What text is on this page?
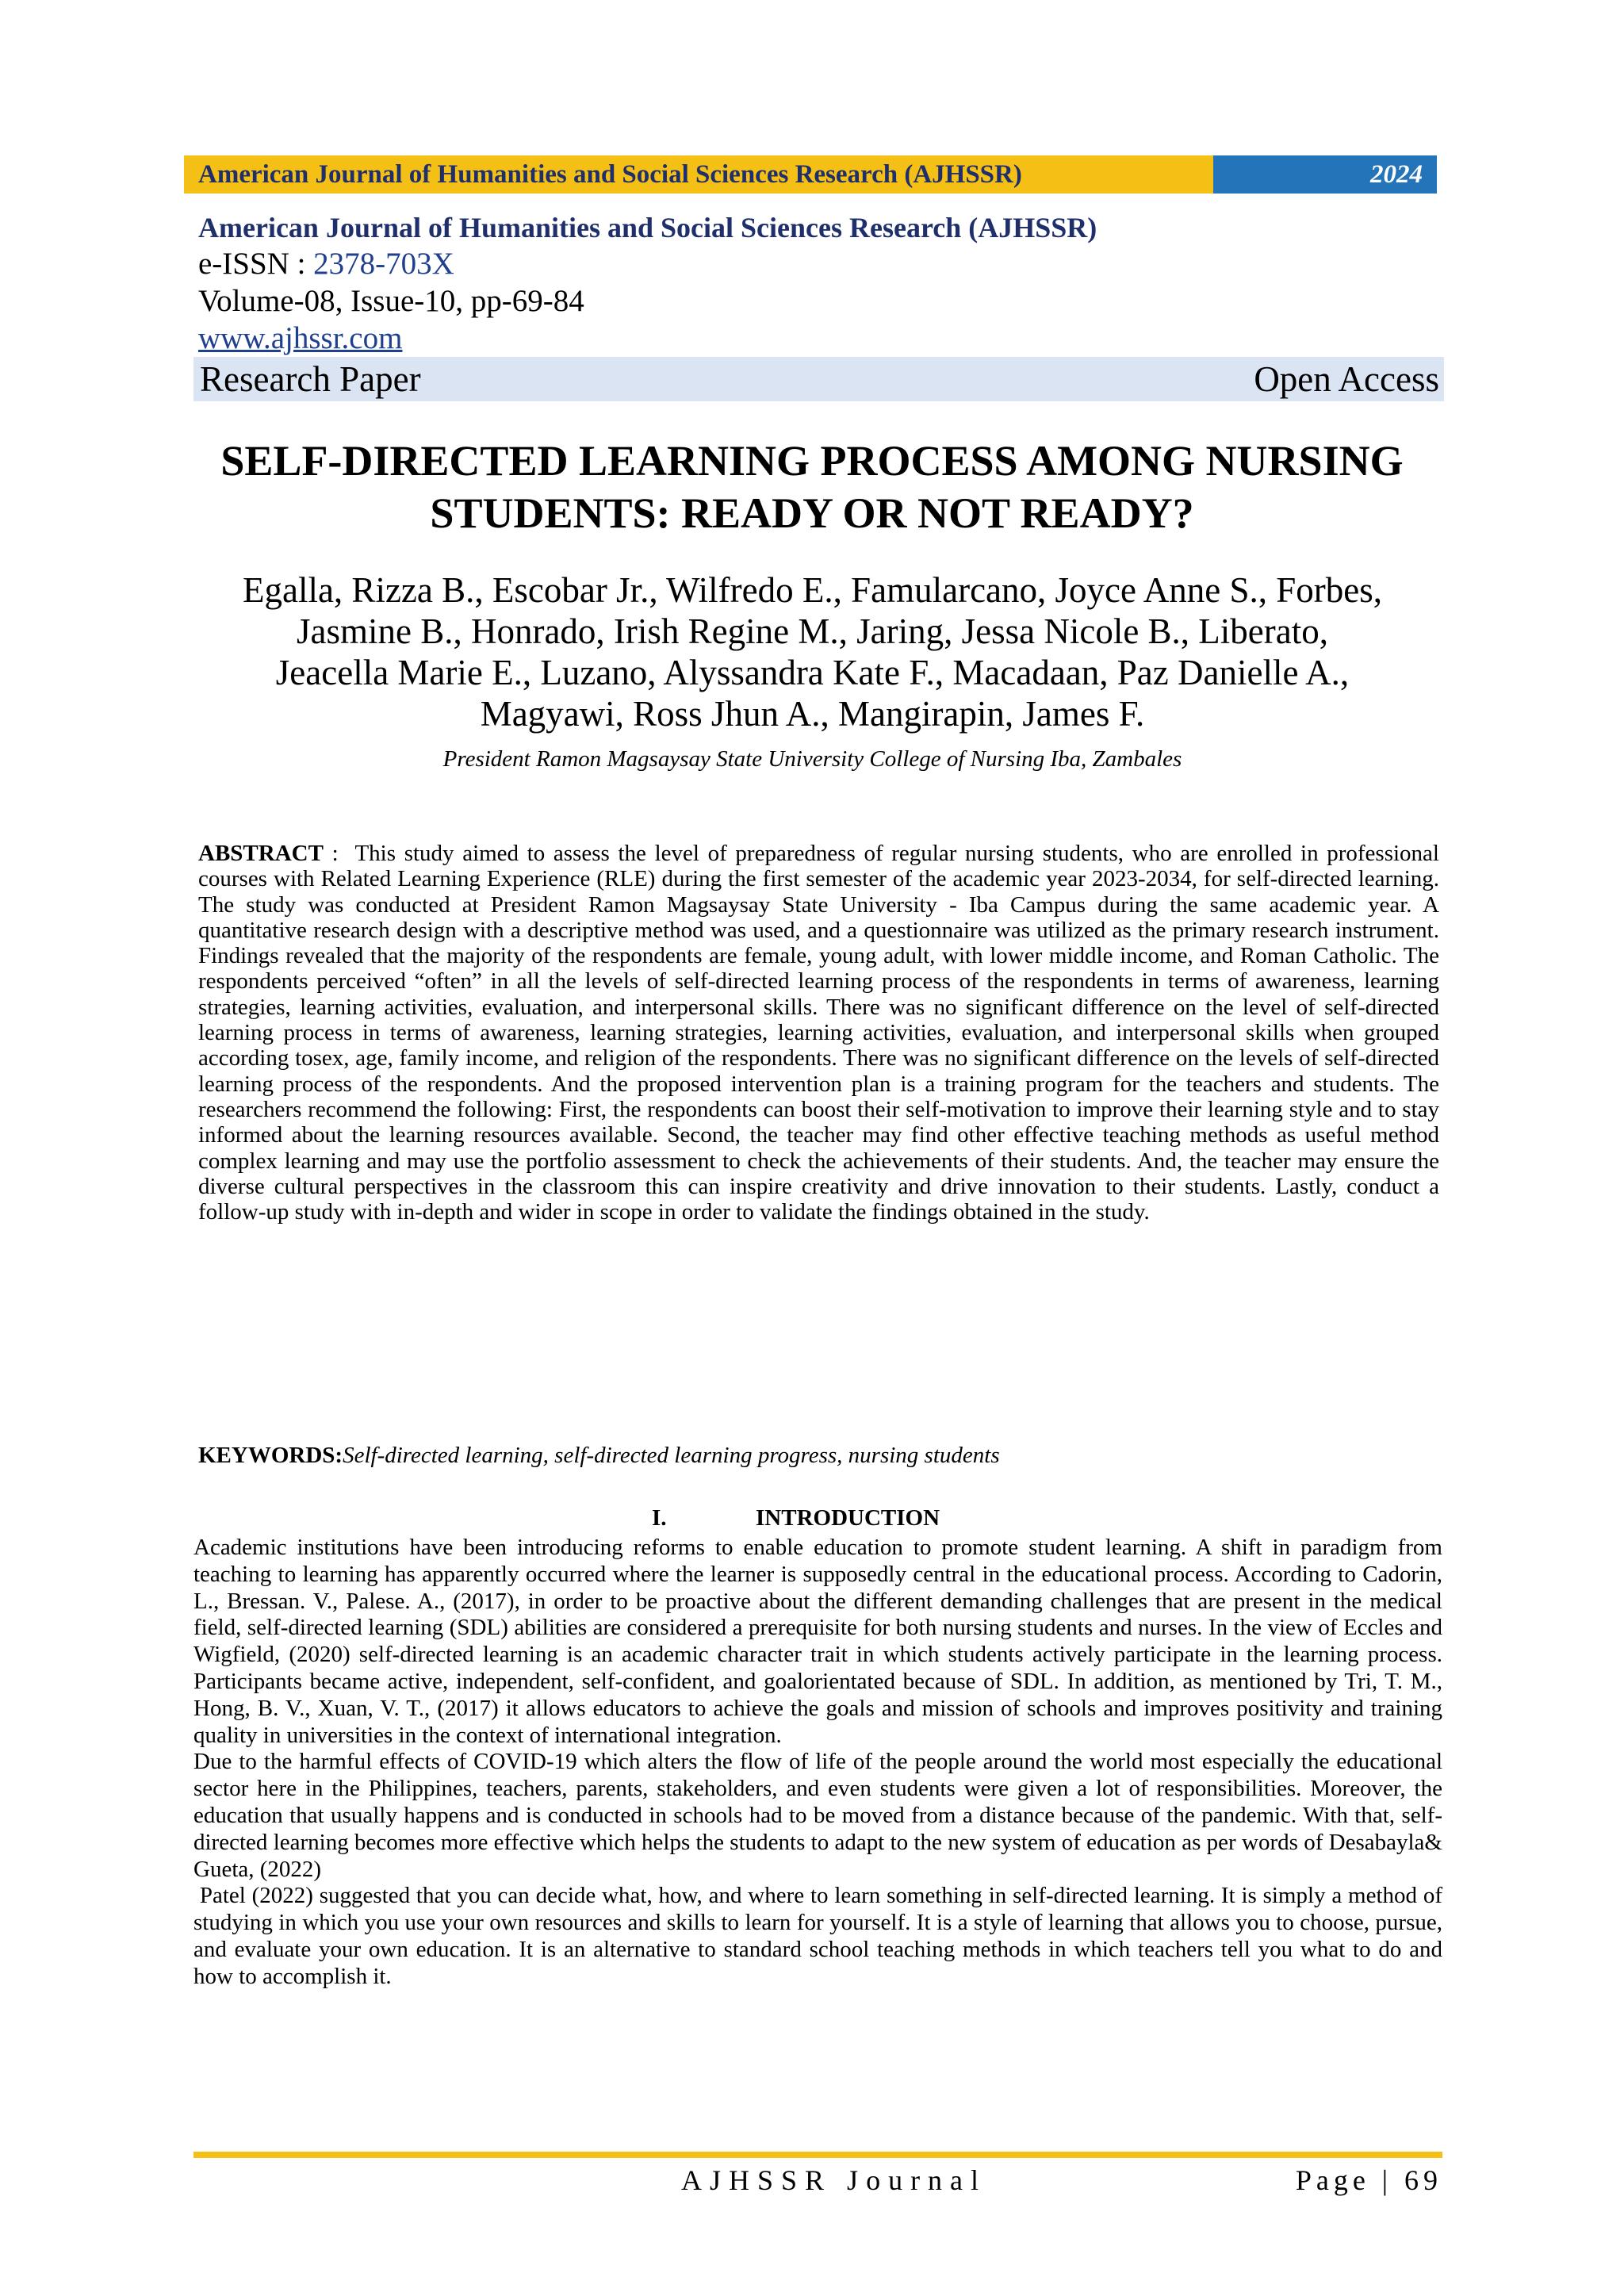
American Journal of Humanities and Social Sciences Research (AJHSSR)	2024
American Journal of Humanities and Social Sciences Research (AJHSSR)
e-ISSN : 2378-703X
Volume-08, Issue-10, pp-69-84
www.ajhssr.com
Research Paper	Open Access
SELF-DIRECTED LEARNING PROCESS AMONG NURSING
STUDENTS: READY OR NOT READY?
Egalla, Rizza B., Escobar Jr., Wilfredo E., Famularcano, Joyce Anne S., Forbes,
Jasmine B., Honrado, Irish Regine M., Jaring, Jessa Nicole B., Liberato,
Jeacella Marie E., Luzano, Alyssandra Kate F., Macadaan, Paz Danielle A.,
Magyawi, Ross Jhun A., Mangirapin, James F.
President Ramon Magsaysay State University College of Nursing Iba, Zambales
ABSTRACT :  This study aimed to assess the level of preparedness of regular nursing students, who are enrolled in professional courses with Related Learning Experience (RLE) during the first semester of the academic year 2023-2034, for self-directed learning. The study was conducted at President Ramon Magsaysay State University - Iba Campus during the same academic year. A quantitative research design with a descriptive method was used, and a questionnaire was utilized as the primary research instrument. Findings revealed that the majority of the respondents are female, young adult, with lower middle income, and Roman Catholic. The respondents perceived “often” in all the levels of self-directed learning process of the respondents in terms of awareness, learning strategies, learning activities, evaluation, and interpersonal skills. There was no significant difference on the level of self-directed learning process in terms of awareness, learning strategies, learning activities, evaluation, and interpersonal skills when grouped according tosex, age, family income, and religion of the respondents. There was no significant difference on the levels of self-directed learning process of the respondents. And the proposed intervention plan is a training program for the teachers and students. The researchers recommend the following: First, the respondents can boost their self-motivation to improve their learning style and to stay informed about the learning resources available. Second, the teacher may find other effective teaching methods as useful method complex learning and may use the portfolio assessment to check the achievements of their students. And, the teacher may ensure the diverse cultural perspectives in the classroom this can inspire creativity and drive innovation to their students. Lastly, conduct a follow-up study with in-depth and wider in scope in order to validate the findings obtained in the study.
KEYWORDS:Self-directed learning, self-directed learning progress, nursing students
I.	INTRODUCTION

Academic institutions have been introducing reforms to enable education to promote student learning. A shift in paradigm from teaching to learning has apparently occurred where the learner is supposedly central in the educational process. According to Cadorin, L., Bressan. V., Palese. A., (2017), in order to be proactive about the different demanding challenges that are present in the medical field, self-directed learning (SDL) abilities are considered a prerequisite for both nursing students and nurses. In the view of Eccles and Wigfield, (2020) self-directed learning is an academic character trait in which students actively participate in the learning process. Participants became active, independent, self-confident, and goalorientated because of SDL. In addition, as mentioned by Tri, T. M., Hong, B. V., Xuan, V. T., (2017) it allows educators to achieve the goals and mission of schools and improves positivity and training quality in universities in the context of international integration.

Due to the harmful effects of COVID-19 which alters the flow of life of the people around the world most especially the educational sector here in the Philippines, teachers, parents, stakeholders, and even students were given a lot of responsibilities. Moreover, the education that usually happens and is conducted in schools had to be moved from a distance because of the pandemic. With that, self-directed learning becomes more effective which helps the students to adapt to the new system of education as per words of Desabayla& Gueta, (2022)

Patel (2022) suggested that you can decide what, how, and where to learn something in self-directed learning. It is simply a method of studying in which you use your own resources and skills to learn for yourself. It is a style of learning that allows you to choose, pursue, and evaluate your own education. It is an alternative to standard school teaching methods in which teachers tell you what to do and how to accomplish it.

AJHSSR Journal	Page | 69
